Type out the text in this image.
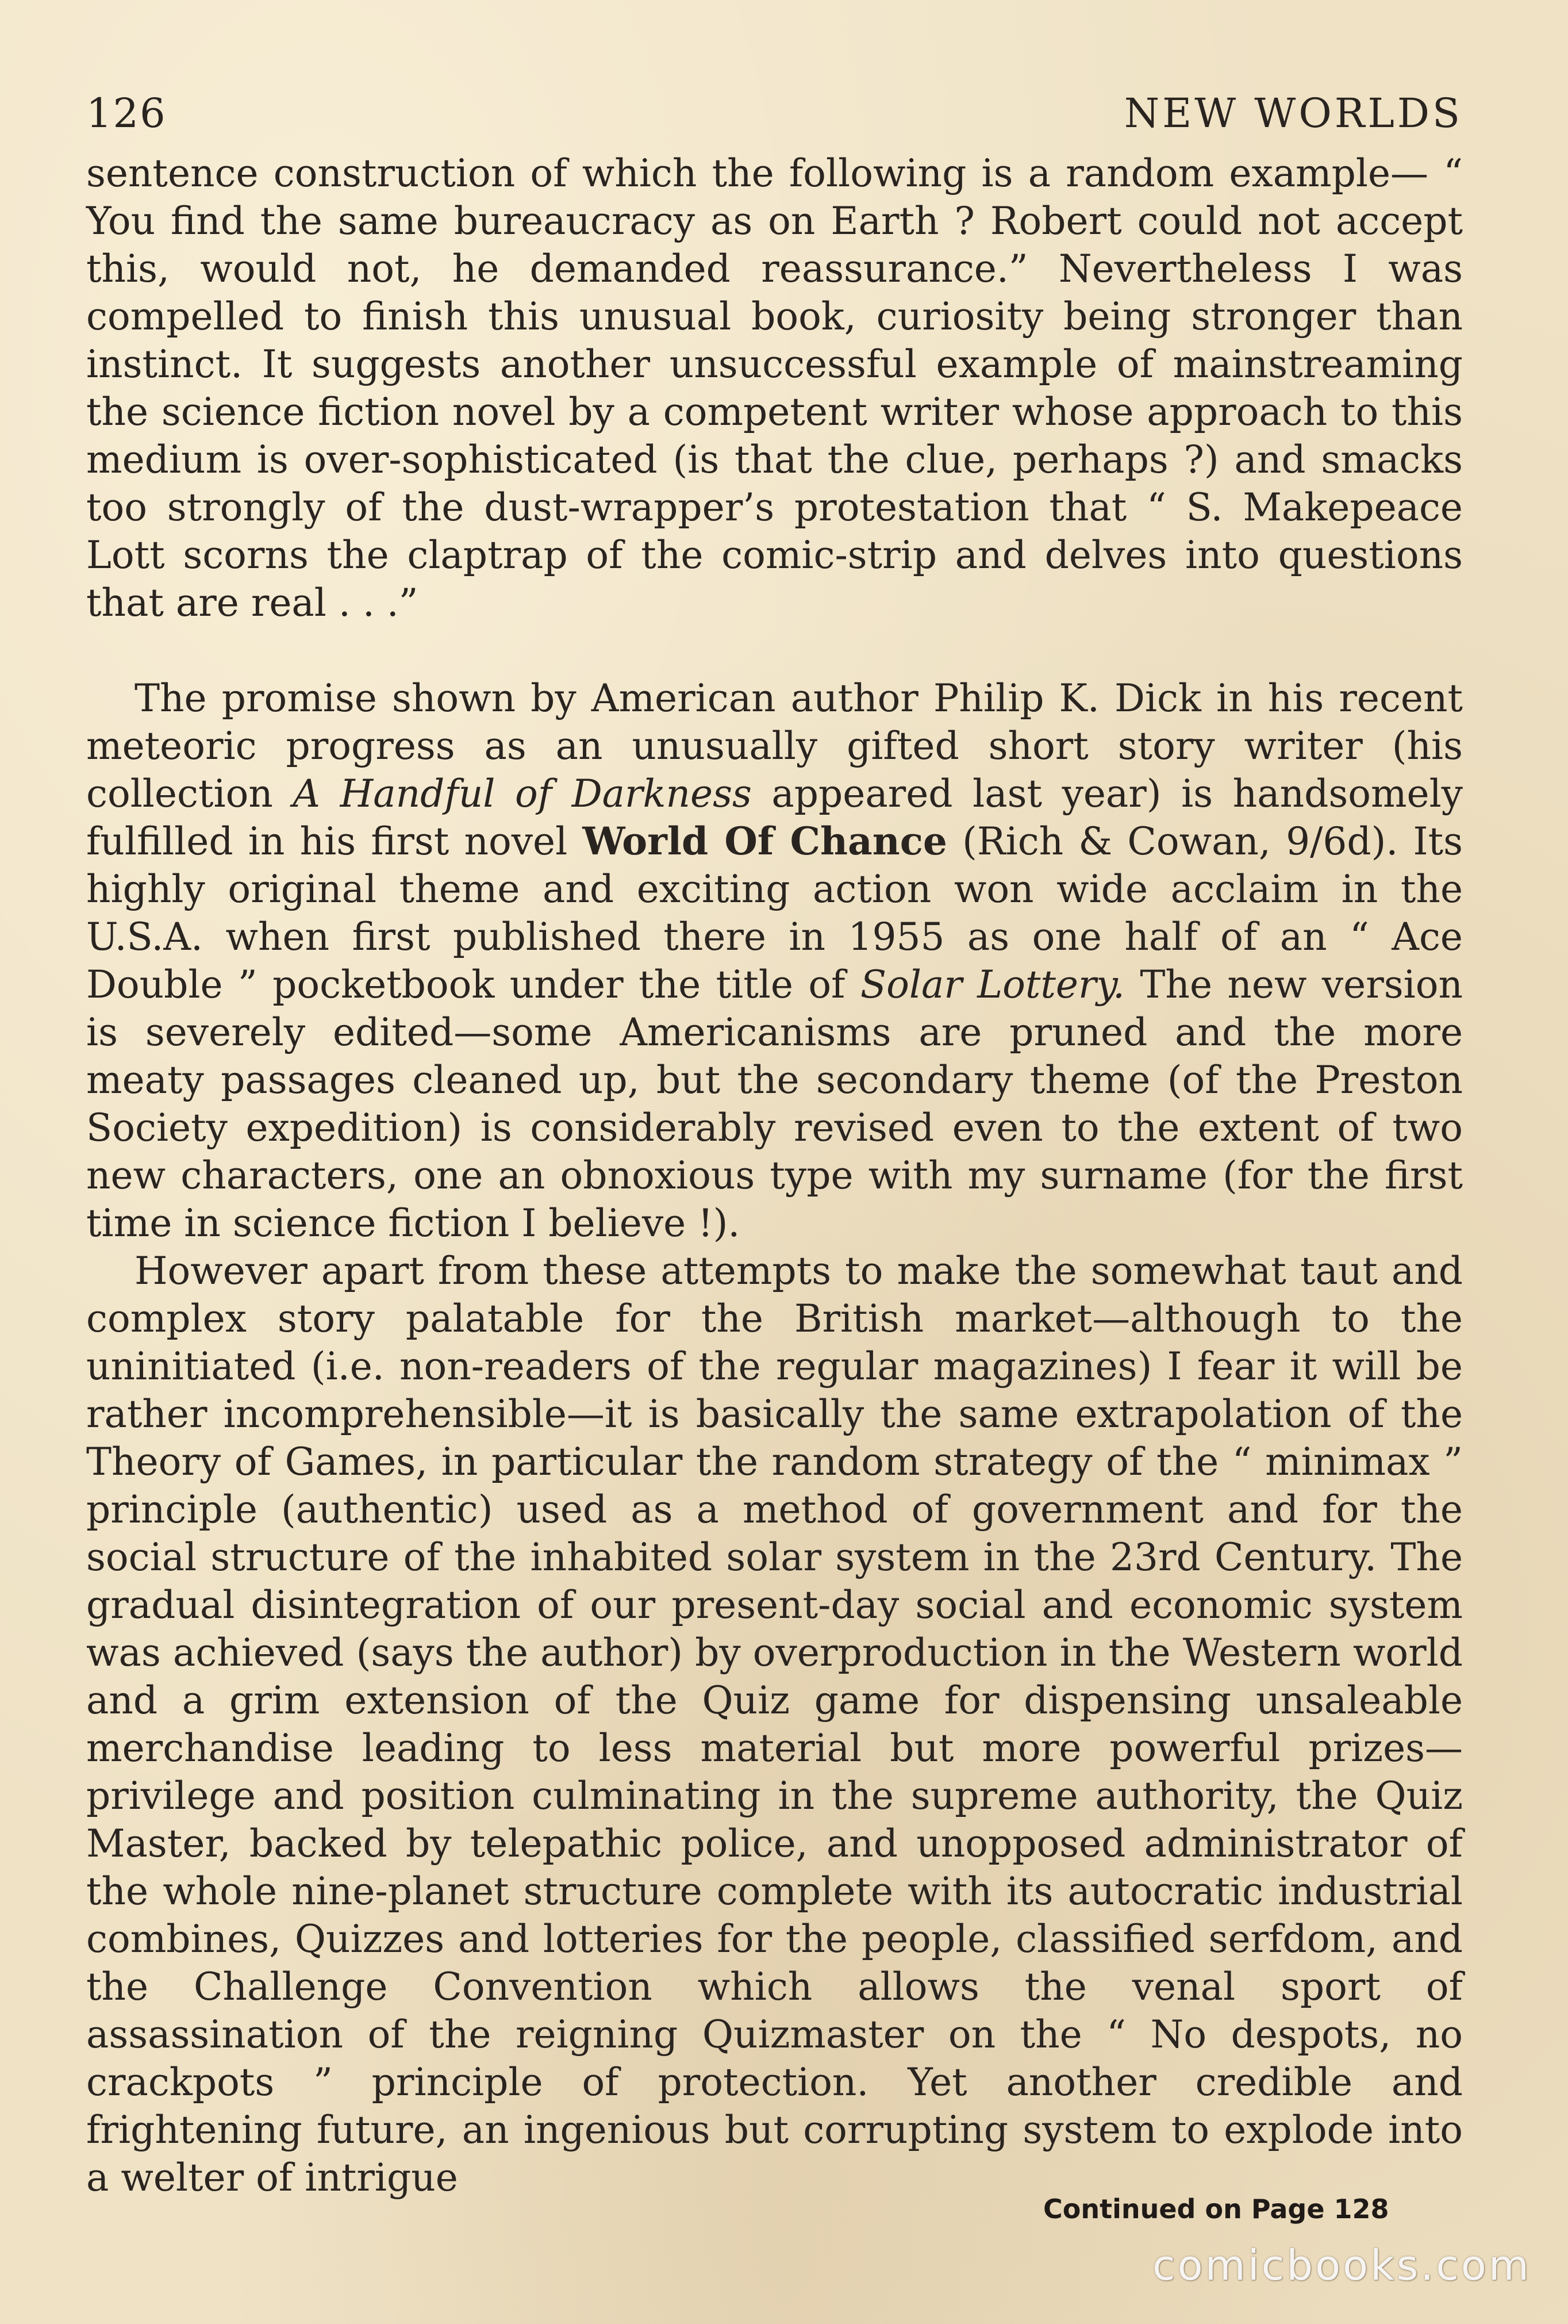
126	NEW WORLDS

sentence construction of which the following is a random example— “ You find the same bureaucracy as on Earth ? Robert could not accept this, would not, he demanded reassurance.” Nevertheless I was compelled to finish this unusual book, curiosity being stronger than instinct. It suggests another unsuccessful example of mainstreaming the science fiction novel by a competent writer whose approach to this medium is over-sophisticated (is that the clue, perhaps ?) and smacks too strongly of the dust-wrapper’s protestation that “ S. Makepeace Lott scorns the claptrap of the comic-strip and delves into questions that are real . . .”

The promise shown by American author Philip K. Dick in his recent meteoric progress as an unusually gifted short story writer (his collection A Handful of Darkness appeared last year) is handsomely fulfilled in his first novel World Of Chance (Rich & Cowan, 9/6d). Its highly original theme and exciting action won wide acclaim in the U.S.A. when first published there in 1955 as one half of an “ Ace Double ” pocketbook under the title of Solar Lottery. The new version is severely edited—some Americanisms are pruned and the more meaty passages cleaned up, but the secondary theme (of the Preston Society expedition) is considerably revised even to the extent of two new characters, one an obnoxious type with my surname (for the first time in science fiction I believe !).

However apart from these attempts to make the somewhat taut and complex story palatable for the British market—although to the uninitiated (i.e. non-readers of the regular magazines) I fear it will be rather incomprehensible—it is basically the same extrapolation of the Theory of Games, in particular the random strategy of the “ minimax ” principle (authentic) used as a method of government and for the social structure of the inhabited solar system in the 23rd Century. The gradual disintegration of our present-day social and economic system was achieved (says the author) by overproduction in the Western world and a grim extension of the Quiz game for dispensing unsaleable merchandise leading to less material but more powerful prizes—privilege and position culminating in the supreme authority, the Quiz Master, backed by telepathic police, and unopposed administrator of the whole nine-planet structure complete with its autocratic industrial combines, Quizzes and lotteries for the people, classified serfdom, and the Challenge Convention which allows the venal sport of assassination of the reigning Quizmaster on the “ No despots, no crackpots ” principle of protection. Yet another credible and frightening future, an ingenious but corrupting system to explode into a welter of intrigue

Continued on Page 128
comicbooks.com
